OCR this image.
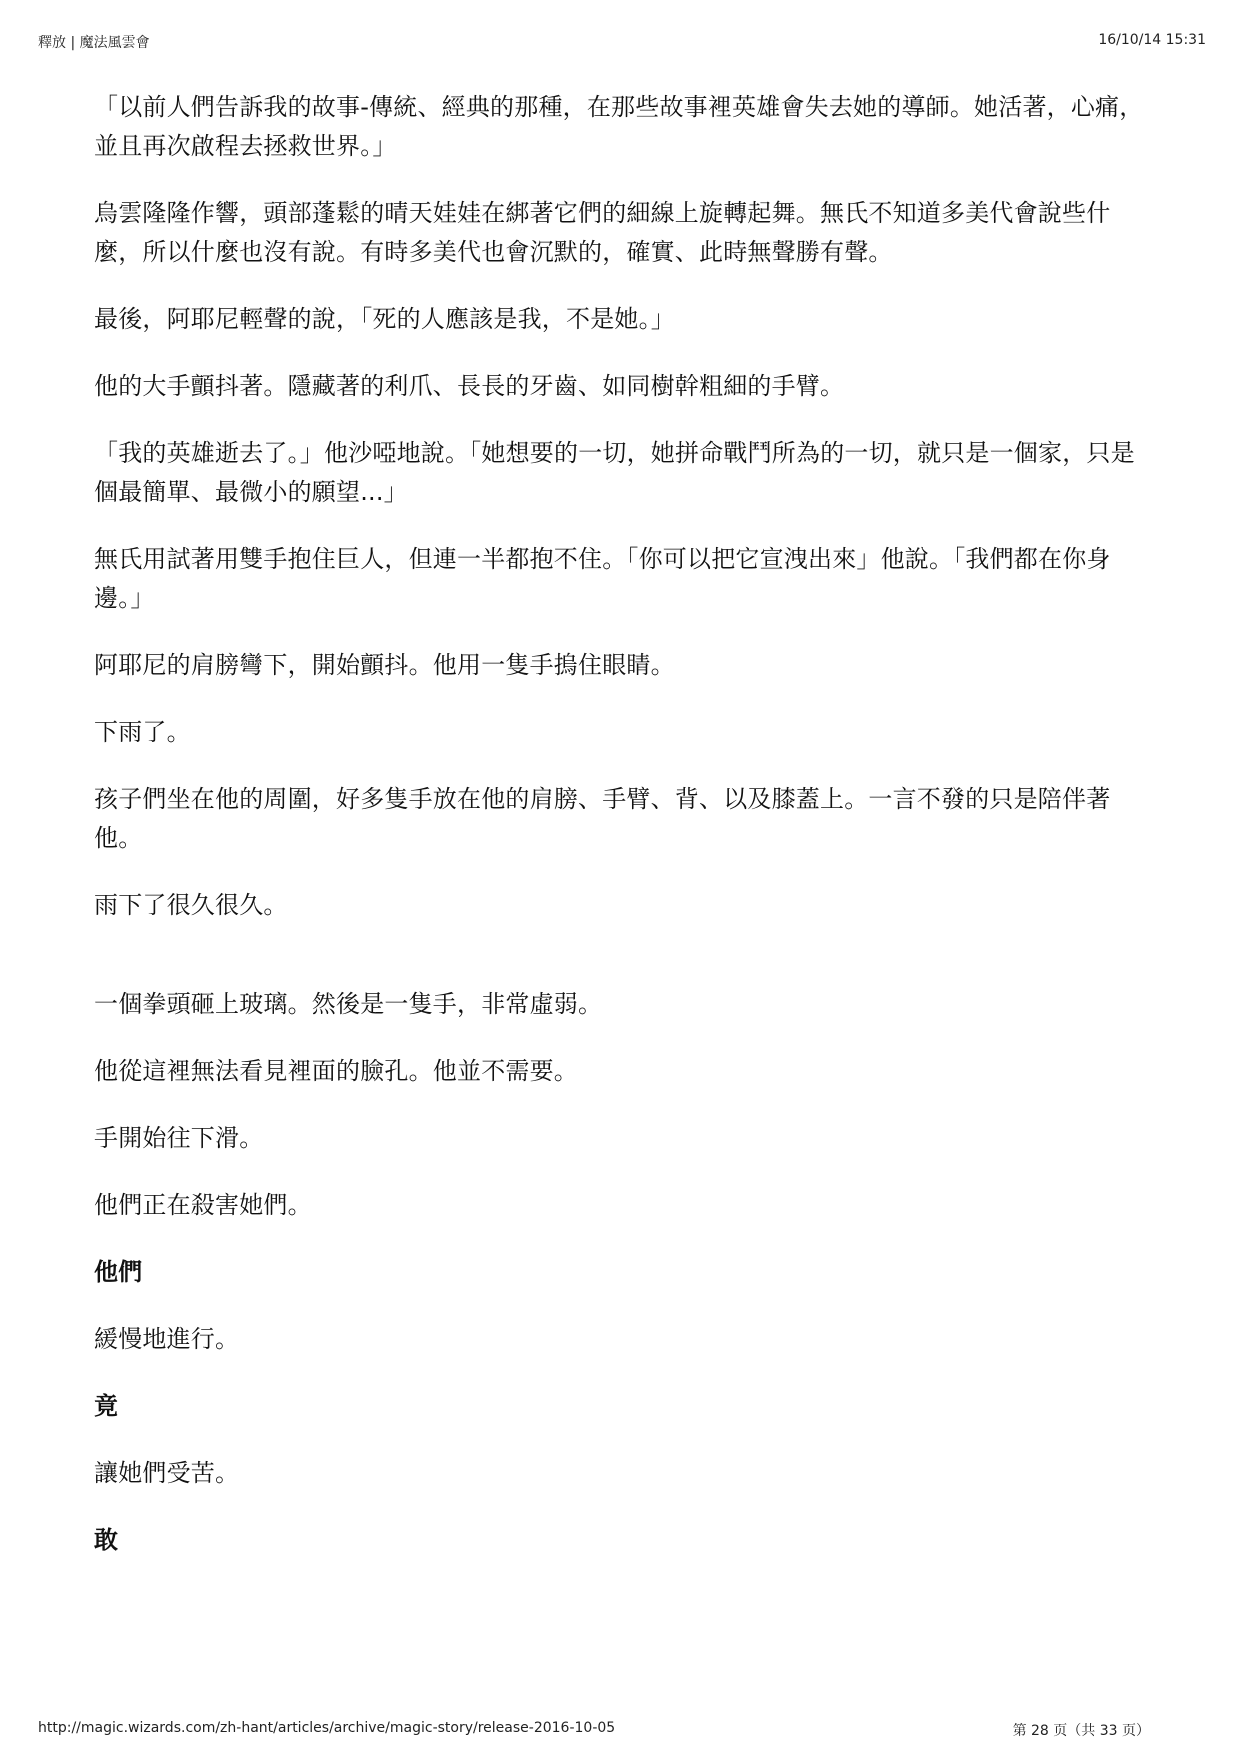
釋放 | 魔法風雲會	16/10/14 15:31

「以前人們告訴我的故事-傳統、經典的那種，在那些故事裡英雄會失去她的導師。她活著，心痛，並且再次啟程去拯救世界。」

烏雲隆隆作響，頭部蓬鬆的晴天娃娃在綁著它們的細線上旋轉起舞。無氏不知道多美代會說些什麼，所以什麼也沒有說。有時多美代也會沉默的，確實、此時無聲勝有聲。

最後，阿耶尼輕聲的說，「死的人應該是我，不是她。」

他的大手顫抖著。隱藏著的利爪、長長的牙齒、如同樹幹粗細的手臂。

「我的英雄逝去了。」他沙啞地說。「她想要的一切，她拼命戰鬥所為的一切，就只是一個家，只是個最簡單、最微小的願望...」

無氏用試著用雙手抱住巨人，但連一半都抱不住。「你可以把它宣洩出來」他說。「我們都在你身邊。」

阿耶尼的肩膀彎下，開始顫抖。他用一隻手摀住眼睛。

下雨了。

孩子們坐在他的周圍，好多隻手放在他的肩膀、手臂、背、以及膝蓋上。一言不發的只是陪伴著他。

雨下了很久很久。

一個拳頭砸上玻璃。然後是一隻手，非常虛弱。

他從這裡無法看見裡面的臉孔。他並不需要。

手開始往下滑。

他們正在殺害她們。

他們

緩慢地進行。

竟

讓她們受苦。

敢

http://magic.wizards.com/zh-hant/articles/archive/magic-story/release-2016-10-05	第 28 页（共 33 页）
